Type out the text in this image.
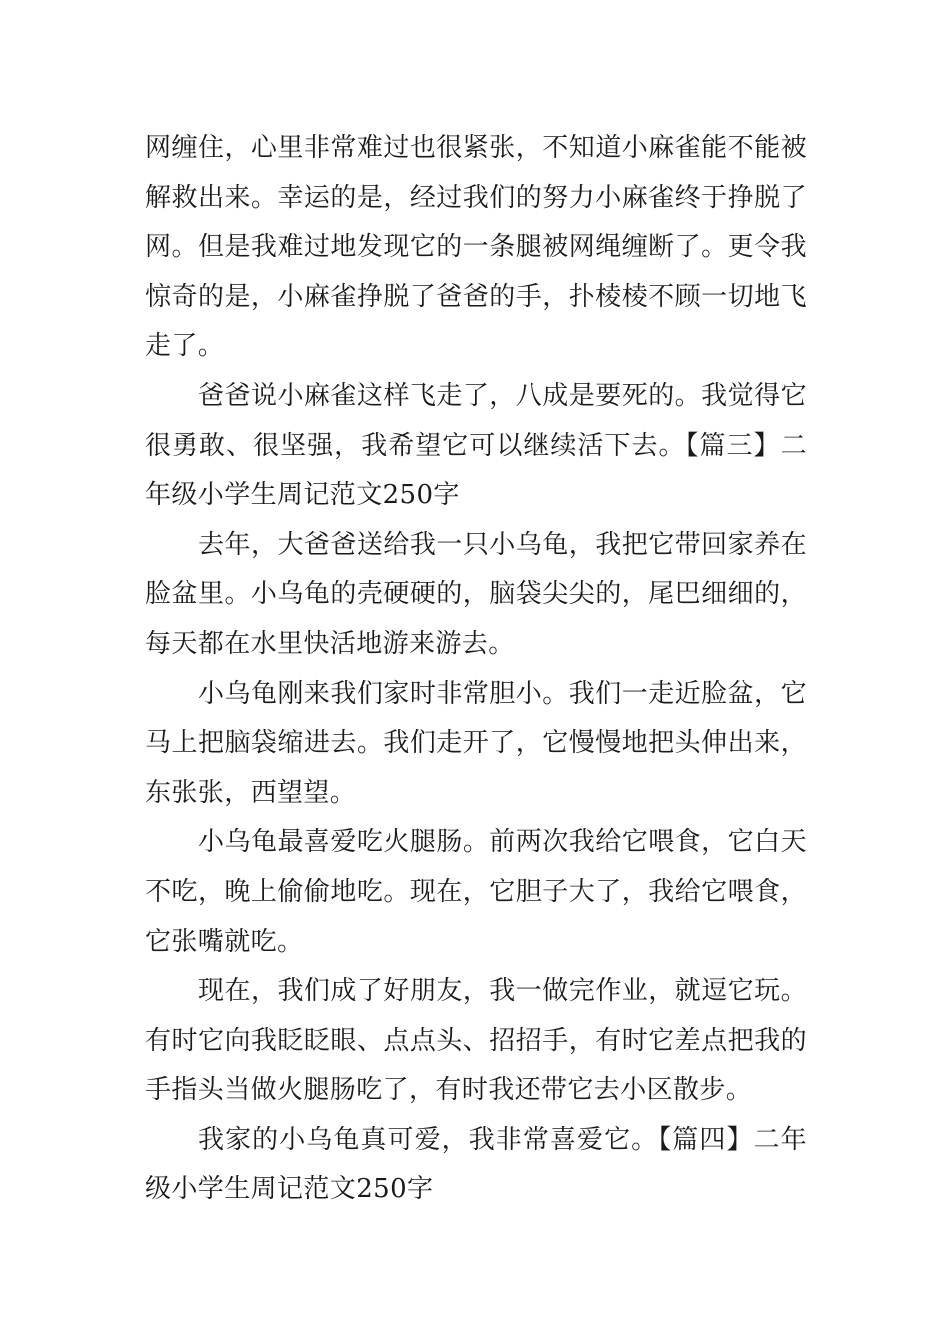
网缠住，心里非常难过也很紧张，不知道小麻雀能不能被解救出来。幸运的是，经过我们的努力小麻雀终于挣脱了网。但是我难过地发现它的一条腿被网绳缠断了。更令我惊奇的是，小麻雀挣脱了爸爸的手，扑棱棱不顾一切地飞走了。

爸爸说小麻雀这样飞走了，八成是要死的。我觉得它很勇敢、很坚强，我希望它可以继续活下去。【篇三】二年级小学生周记范文250字

去年，大爸爸送给我一只小乌龟，我把它带回家养在脸盆里。小乌龟的壳硬硬的，脑袋尖尖的，尾巴细细的，每天都在水里快活地游来游去。

小乌龟刚来我们家时非常胆小。我们一走近脸盆，它马上把脑袋缩进去。我们走开了，它慢慢地把头伸出来，东张张，西望望。

小乌龟最喜爱吃火腿肠。前两次我给它喂食，它白天不吃，晚上偷偷地吃。现在，它胆子大了，我给它喂食，它张嘴就吃。

现在，我们成了好朋友，我一做完作业，就逗它玩。有时它向我眨眨眼、点点头、招招手，有时它差点把我的手指头当做火腿肠吃了，有时我还带它去小区散步。

我家的小乌龟真可爱，我非常喜爱它。【篇四】二年级小学生周记范文250字
